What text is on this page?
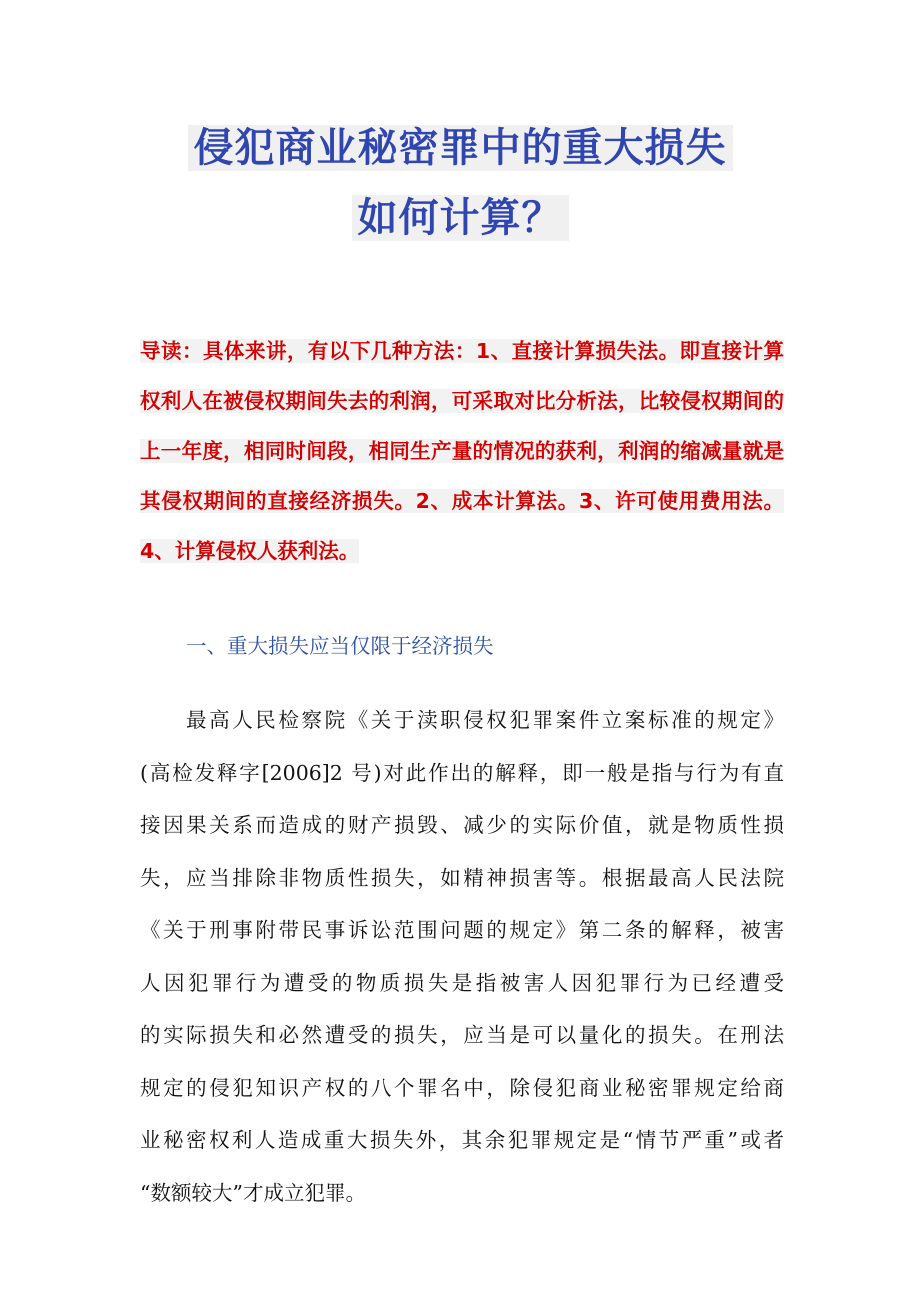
侵犯商业秘密罪中的重大损失
如何计算？
导读：具体来讲，有以下几种方法：1、直接计算损失法。即直接计算权利人在被侵权期间失去的利润，可采取对比分析法，比较侵权期间的上一年度，相同时间段，相同生产量的情况的获利，利润的缩减量就是其侵权期间的直接经济损失。2、成本计算法。3、许可使用费用法。4、计算侵权人获利法。
一、重大损失应当仅限于经济损失
最高人民检察院《关于渎职侵权犯罪案件立案标准的规定》
(高检发释字[2006]2 号)对此作出的解释，即一般是指与行为有直
接因果关系而造成的财产损毁、减少的实际价值，就是物质性损
失，应当排除非物质性损失，如精神损害等。根据最高人民法院
《关于刑事附带民事诉讼范围问题的规定》第二条的解释，被害
人因犯罪行为遭受的物质损失是指被害人因犯罪行为已经遭受
的实际损失和必然遭受的损失，应当是可以量化的损失。在刑法
规定的侵犯知识产权的八个罪名中，除侵犯商业秘密罪规定给商
业秘密权利人造成重大损失外，其余犯罪规定是“情节严重”或者
“数额较大”才成立犯罪。
